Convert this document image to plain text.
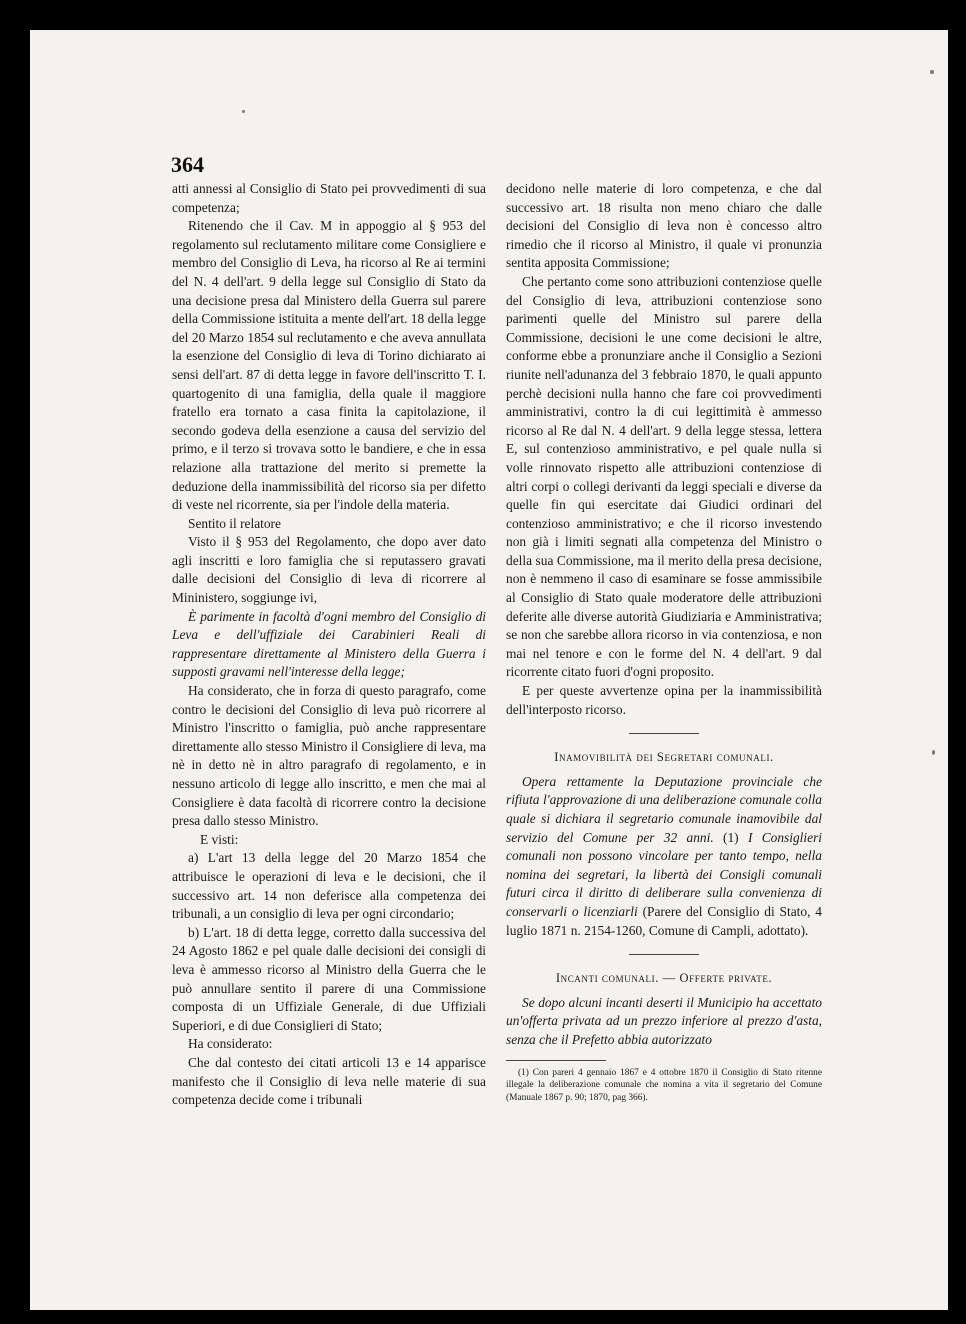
364

atti annessi al Consiglio di Stato pei provvedimenti di sua competenza;

Ritenendo che il Cav. M in appoggio al § 953 del regolamento sul reclutamento militare come Consigliere e membro del Consiglio di Leva, ha ricorso al Re ai termini del N. 4 dell'art. 9 della legge sul Consiglio di Stato da una decisione presa dal Ministero della Guerra sul parere della Commissione istituita a mente dell'art. 18 della legge del 20 Marzo 1854 sul reclutamento e che aveva annullata la esenzione del Consiglio di leva di Torino dichiarato ai sensi dell'art. 87 di detta legge in favore dell'inscritto T. I. quartogenito di una famiglia, della quale il maggiore fratello era tornato a casa finita la capitolazione, il secondo godeva della esenzione a causa del servizio del primo, e il terzo si trovava sotto le bandiere, e che in essa relazione alla trattazione del merito si premette la deduzione della inammissibilità del ricorso sia per difetto di veste nel ricorrente, sia per l'indole della materia.

Sentito il relatore

Visto il § 953 del Regolamento, che dopo aver dato agli inscritti e loro famiglia che si reputassero gravati dalle decisioni del Consiglio di leva di ricorrere al Mininistero, soggiunge ivi,

È parimente in facoltà d'ogni membro del Consiglio di Leva e dell'uffiziale dei Carabinieri Reali di rappresentare direttamente al Ministero della Guerra i supposti gravami nell'interesse della legge;

Ha considerato, che in forza di questo paragrafo, come contro le decisioni del Consiglio di leva può ricorrere al Ministro l'inscritto o famiglia, può anche rappresentare direttamente allo stesso Ministro il Consigliere di leva, ma nè in detto nè in altro paragrafo di regolamento, e in nessuno articolo di legge allo inscritto, e men che mai al Consigliere è data facoltà di ricorrere contro la decisione presa dallo stesso Ministro.

E visti:

a) L'art 13 della legge del 20 Marzo 1854 che attribuisce le operazioni di leva e le decisioni, che il successivo art. 14 non deferisce alla competenza dei tribunali, a un consiglio di leva per ogni circondario;

b) L'art. 18 di detta legge, corretto dalla successiva del 24 Agosto 1862 e pel quale dalle decisioni dei consigli di leva è ammesso ricorso al Ministro della Guerra che le può annullare sentito il parere di una Commissione composta di un Uffiziale Generale, di due Uffiziali Superiori, e di due Consiglieri di Stato;

Ha considerato:

Che dal contesto dei citati articoli 13 e 14 apparisce manifesto che il Consiglio di leva nelle materie di sua competenza decide come i tribunali

decidono nelle materie di loro competenza, e che dal successivo art. 18 risulta non meno chiaro che dalle decisioni del Consiglio di leva non è concesso altro rimedio che il ricorso al Ministro, il quale vi pronunzia sentita apposita Commissione;

Che pertanto come sono attribuzioni contenziose quelle del Consiglio di leva, attribuzioni contenziose sono parimenti quelle del Ministro sul parere della Commissione, decisioni le une come decisioni le altre, conforme ebbe a pronunziare anche il Consiglio a Sezioni riunite nell'adunanza del 3 febbraio 1870, le quali appunto perchè decisioni nulla hanno che fare coi provvedimenti amministrativi, contro la di cui legittimità è ammesso ricorso al Re dal N. 4 dell'art. 9 della legge stessa, lettera E, sul contenzioso amministrativo, e pel quale nulla si volle rinnovato rispetto alle attribuzioni contenziose di altri corpi o collegi derivanti da leggi speciali e diverse da quelle fin qui esercitate dai Giudici ordinari del contenzioso amministrativo; e che il ricorso investendo non già i limiti segnati alla competenza del Ministro o della sua Commissione, ma il merito della presa decisione, non è nemmeno il caso di esaminare se fosse ammissibile al Consiglio di Stato quale moderatore delle attribuzioni deferite alle diverse autorità Giudiziaria e Amministrativa; se non che sarebbe allora ricorso in via contenziosa, e non mai nel tenore e con le forme del N. 4 dell'art. 9 dal ricorrente citato fuori d'ogni proposito.

E per queste avvertenze opina per la inammissibilità dell'interposto ricorso.

Inamovibilità dei Segretari comunali.

Opera rettamente la Deputazione provinciale che rifiuta l'approvazione di una deliberazione comunale colla quale si dichiara il segretario comunale inamovibile dal servizio del Comune per 32 anni. (1) I Consiglieri comunali non possono vincolare per tanto tempo, nella nomina dei segretari, la libertà dei Consigli comunali futuri circa il diritto di deliberare sulla convenienza di conservarli o licenziarli (Parere del Consiglio di Stato, 4 luglio 1871 n. 2154-1260, Comune di Campli, adottato).

Incanti comunali. — Offerte private.

Se dopo alcuni incanti deserti il Municipio ha accettato un'offerta privata ad un prezzo inferiore al prezzo d'asta, senza che il Prefetto abbia autorizzato

(1) Con pareri 4 gennaio 1867 e 4 ottobre 1870 il Consiglio di Stato ritenne illegale la deliberazione comunale che nomina a vita il segretario del Comune (Manuale 1867 p. 90; 1870, pag 366).
